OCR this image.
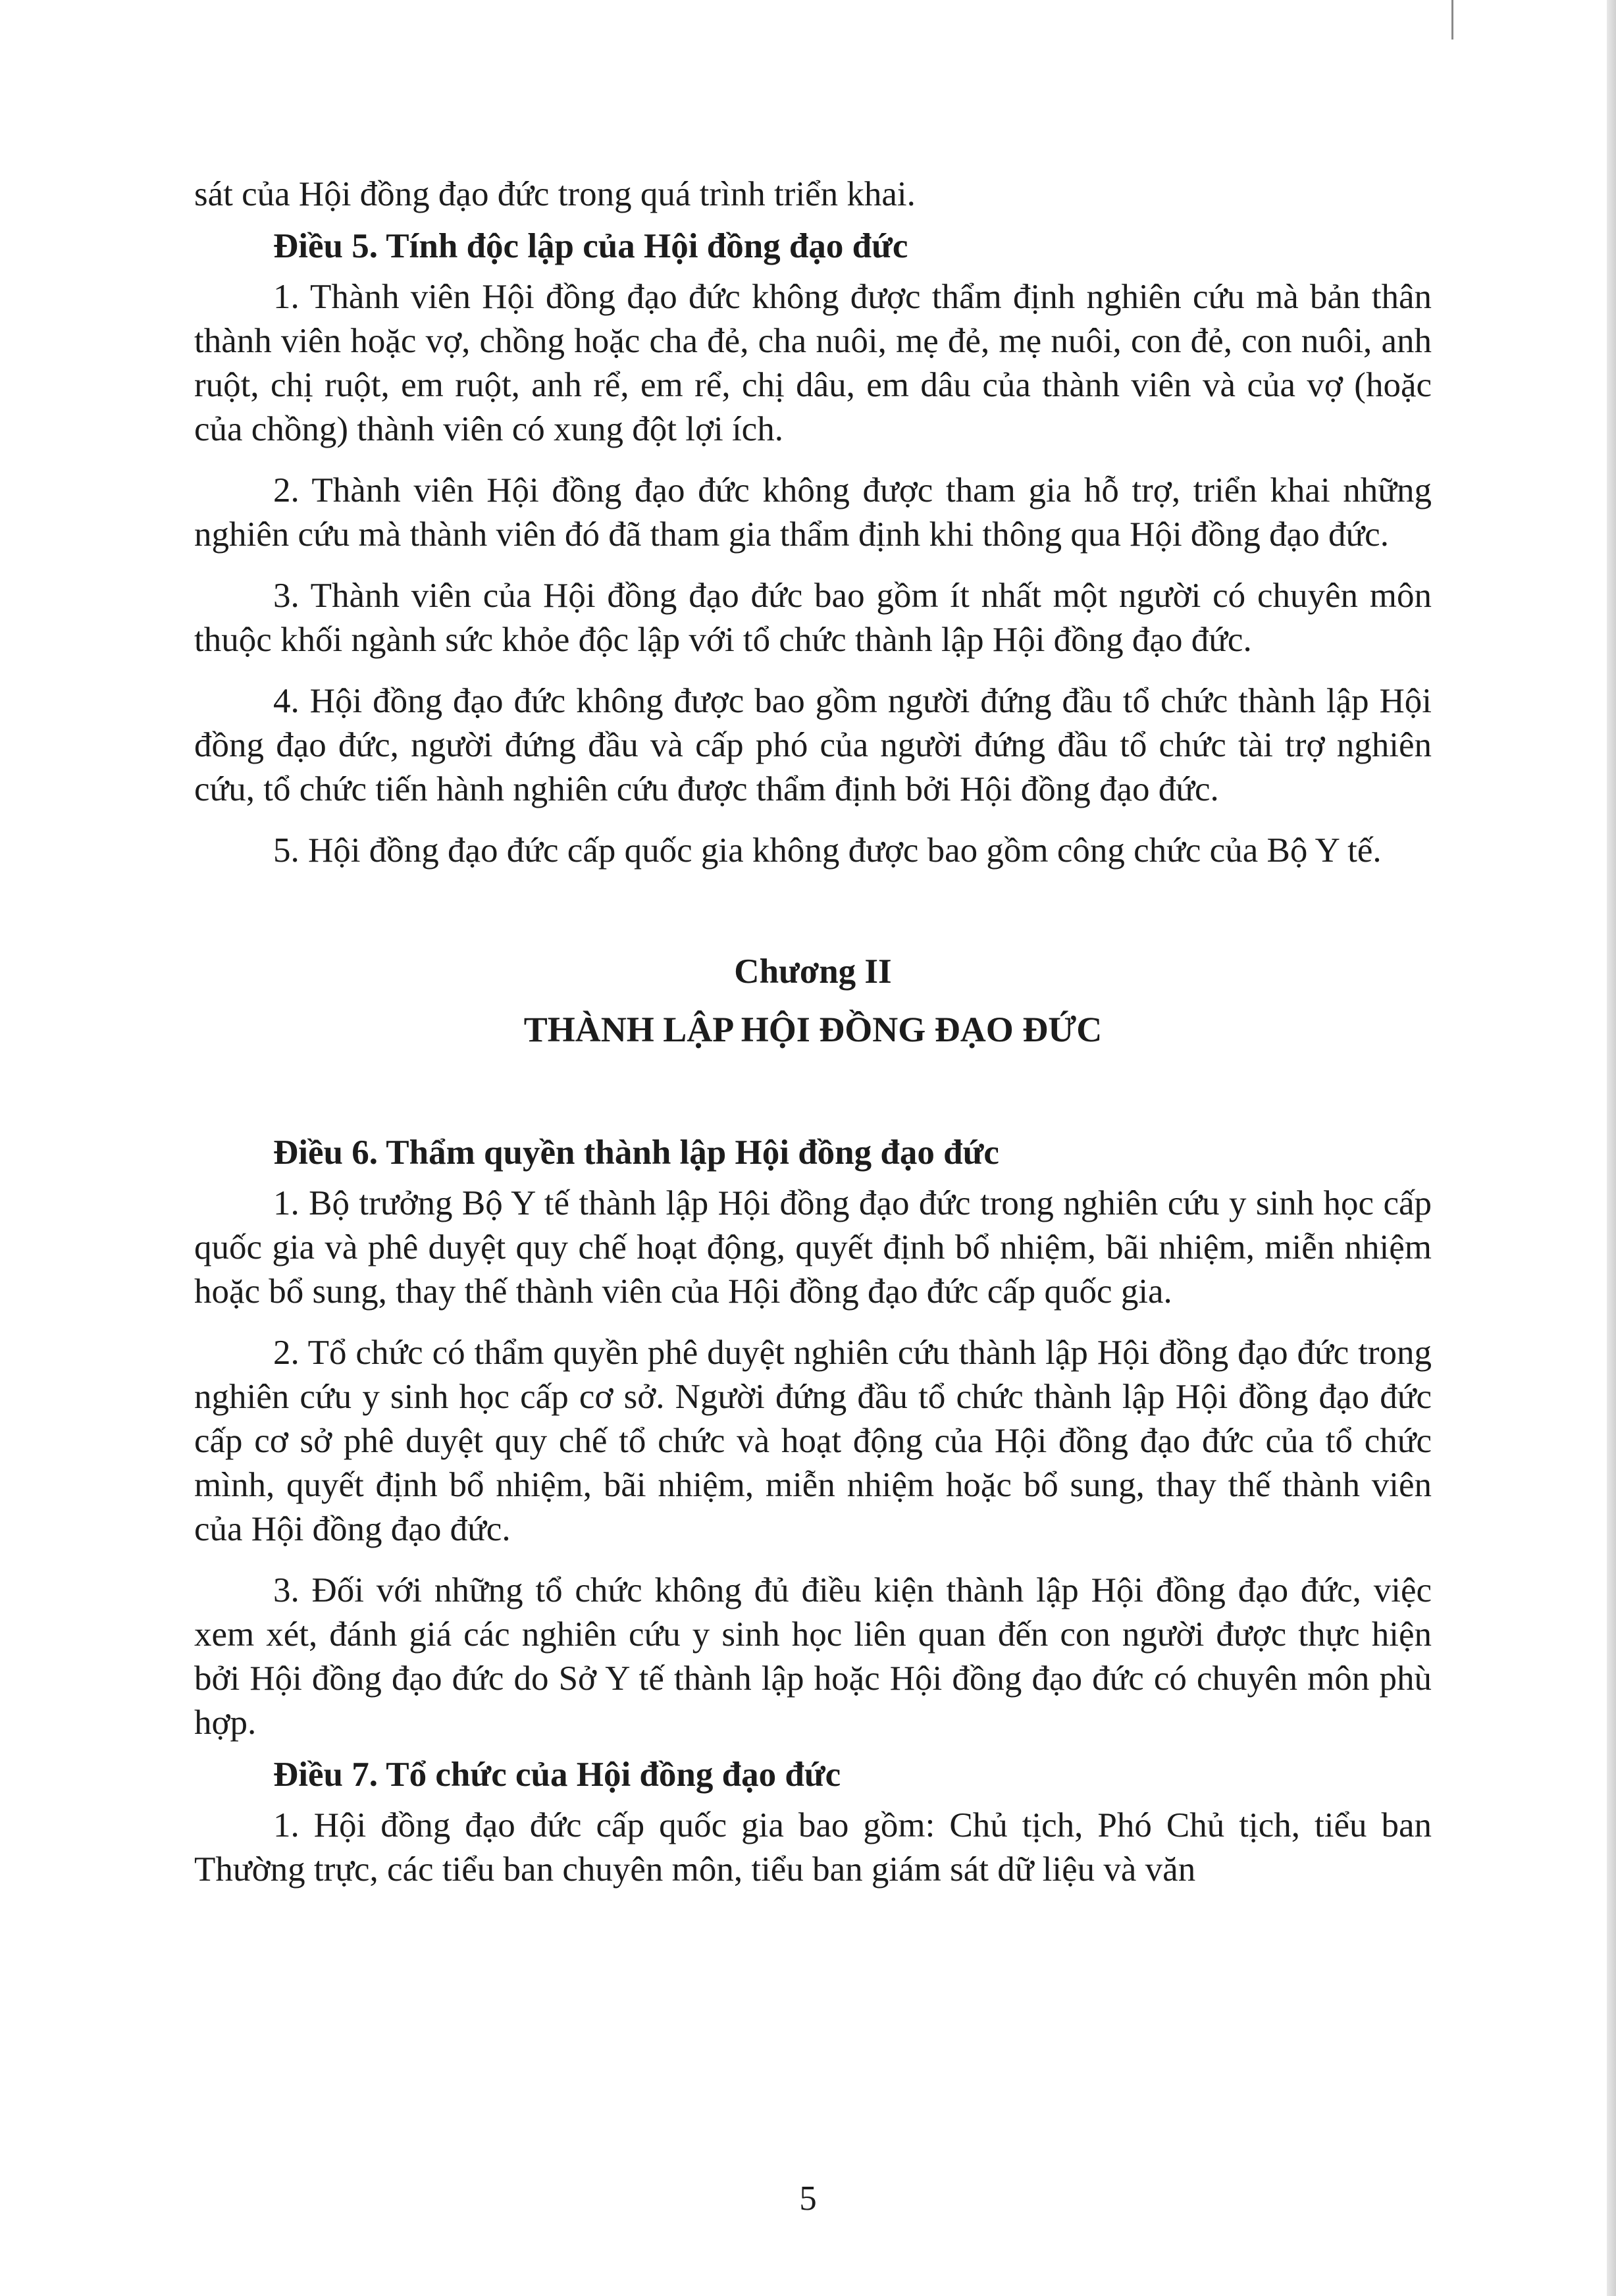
sát của Hội đồng đạo đức trong quá trình triển khai.

Điều 5. Tính độc lập của Hội đồng đạo đức

1. Thành viên Hội đồng đạo đức không được thẩm định nghiên cứu mà bản thân thành viên hoặc vợ, chồng hoặc cha đẻ, cha nuôi, mẹ đẻ, mẹ nuôi, con đẻ, con nuôi, anh ruột, chị ruột, em ruột, anh rể, em rể, chị dâu, em dâu của thành viên và của vợ (hoặc của chồng) thành viên có xung đột lợi ích.

2. Thành viên Hội đồng đạo đức không được tham gia hỗ trợ, triển khai những nghiên cứu mà thành viên đó đã tham gia thẩm định khi thông qua Hội đồng đạo đức.

3. Thành viên của Hội đồng đạo đức bao gồm ít nhất một người có chuyên môn thuộc khối ngành sức khỏe độc lập với tổ chức thành lập Hội đồng đạo đức.

4. Hội đồng đạo đức không được bao gồm người đứng đầu tổ chức thành lập Hội đồng đạo đức, người đứng đầu và cấp phó của người đứng đầu tổ chức tài trợ nghiên cứu, tổ chức tiến hành nghiên cứu được thẩm định bởi Hội đồng đạo đức.

5. Hội đồng đạo đức cấp quốc gia không được bao gồm công chức của Bộ Y tế.

Chương II

THÀNH LẬP HỘI ĐỒNG ĐẠO ĐỨC

Điều 6. Thẩm quyền thành lập Hội đồng đạo đức

1. Bộ trưởng Bộ Y tế thành lập Hội đồng đạo đức trong nghiên cứu y sinh học cấp quốc gia và phê duyệt quy chế hoạt động, quyết định bổ nhiệm, bãi nhiệm, miễn nhiệm hoặc bổ sung, thay thế thành viên của Hội đồng đạo đức cấp quốc gia.

2. Tổ chức có thẩm quyền phê duyệt nghiên cứu thành lập Hội đồng đạo đức trong nghiên cứu y sinh học cấp cơ sở. Người đứng đầu tổ chức thành lập Hội đồng đạo đức cấp cơ sở phê duyệt quy chế tổ chức và hoạt động của Hội đồng đạo đức của tổ chức mình, quyết định bổ nhiệm, bãi nhiệm, miễn nhiệm hoặc bổ sung, thay thế thành viên của Hội đồng đạo đức.

3. Đối với những tổ chức không đủ điều kiện thành lập Hội đồng đạo đức, việc xem xét, đánh giá các nghiên cứu y sinh học liên quan đến con người được thực hiện bởi Hội đồng đạo đức do Sở Y tế thành lập hoặc Hội đồng đạo đức có chuyên môn phù hợp.

Điều 7. Tổ chức của Hội đồng đạo đức

1. Hội đồng đạo đức cấp quốc gia bao gồm: Chủ tịch, Phó Chủ tịch, tiểu ban Thường trực, các tiểu ban chuyên môn, tiểu ban giám sát dữ liệu và văn

5
